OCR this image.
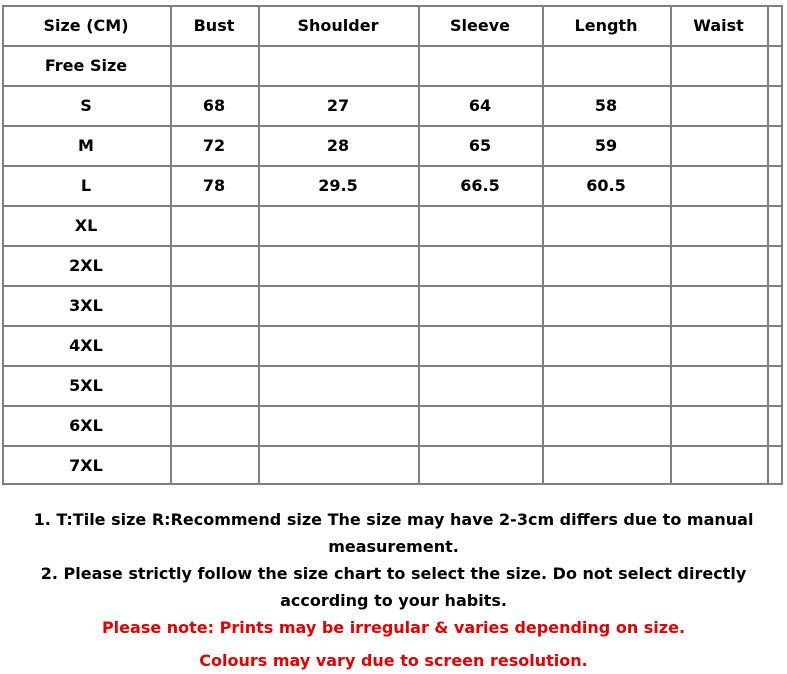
Size (CM)	Bust	Shoulder	Sleeve	Length	Waist
Free Size
S	68	27	64	58
M	72	28	65	59
L	78	29.5	66.5	60.5
XL
2XL
3XL
4XL
5XL
6XL
7XL
1. T:Tile size R:Recommend size The size may have 2-3cm differs due to manual
measurement.
2. Please strictly follow the size chart to select the size. Do not select directly
according to your habits.
Please note: Prints may be irregular & varies depending on size.
Colours may vary due to screen resolution.
